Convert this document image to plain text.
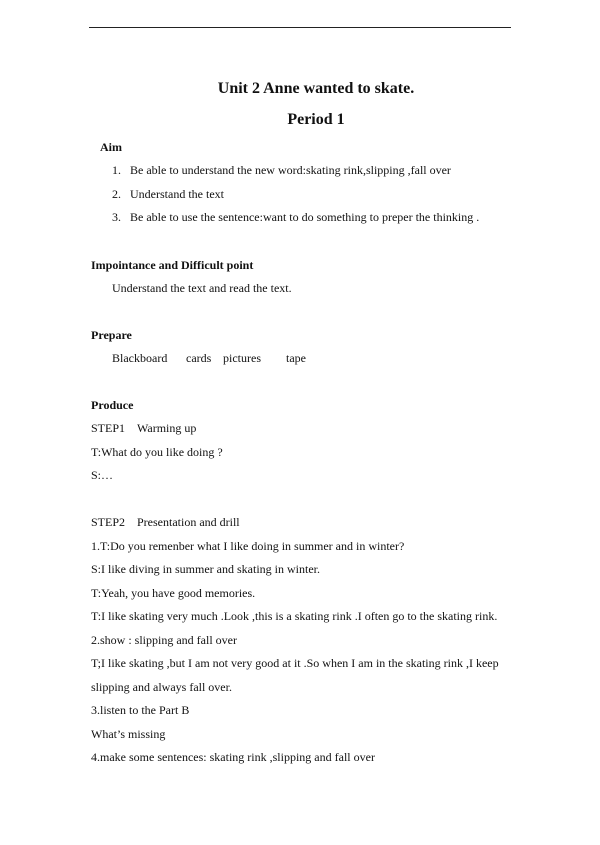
Unit 2 Anne wanted to skate.
Period 1
Aim
1. Be able to understand the new word:skating rink,slipping ,fall over
2. Understand the text
3. Be able to use the sentence:want to do something to preper the thinking .
Impointance and Difficult point
Understand the text and read the text.
Prepare
Blackboard cards pictures tape
Produce
STEP1 Warming up
T:What do you like doing ?
S:…
STEP2 Presentation and drill
1.T:Do you remenber what I like doing in summer and in winter?
S:I like diving in summer and skating in winter.
T:Yeah, you have good memories.
T:I like skating very much .Look ,this is a skating rink .I often go to the skating rink.
2.show : slipping and fall over
T;I like skating ,but I am not very good at it .So when I am in the skating rink ,I keep
slipping and always fall over.
3.listen to the Part B
What’s missing
4.make some sentences: skating rink ,slipping and fall over
